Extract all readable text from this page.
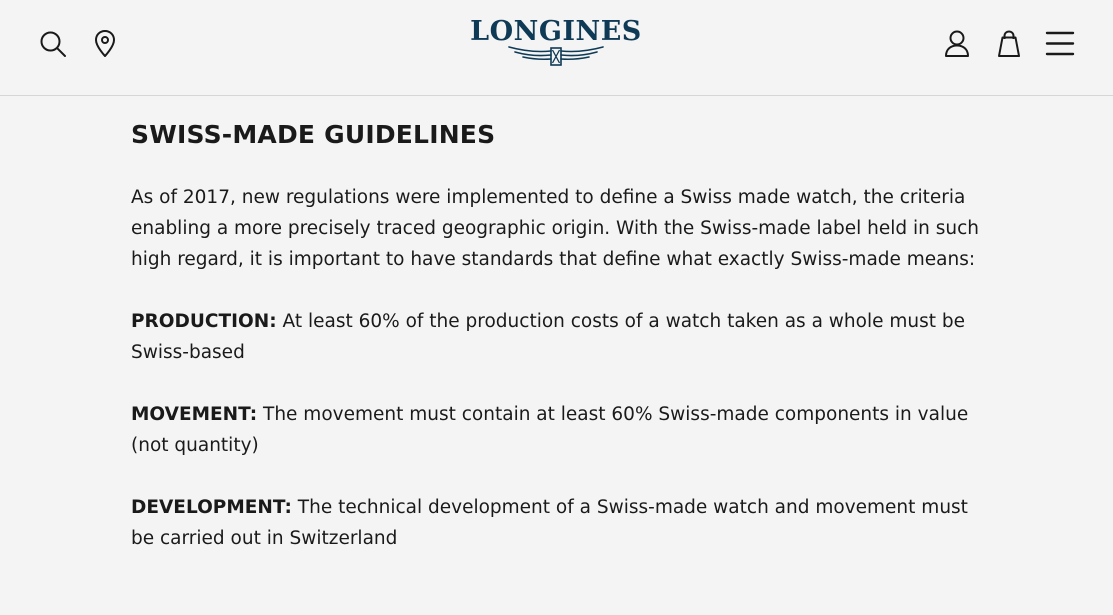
LONGINES
SWISS-MADE GUIDELINES

As of 2017, new regulations were implemented to define a Swiss made watch, the criteria enabling a more precisely traced geographic origin. With the Swiss-made label held in such high regard, it is important to have standards that define what exactly Swiss-made means:

PRODUCTION: At least 60% of the production costs of a watch taken as a whole must be Swiss-based

MOVEMENT: The movement must contain at least 60% Swiss-made components in value (not quantity)

DEVELOPMENT: The technical development of a Swiss-made watch and movement must be carried out in Switzerland
